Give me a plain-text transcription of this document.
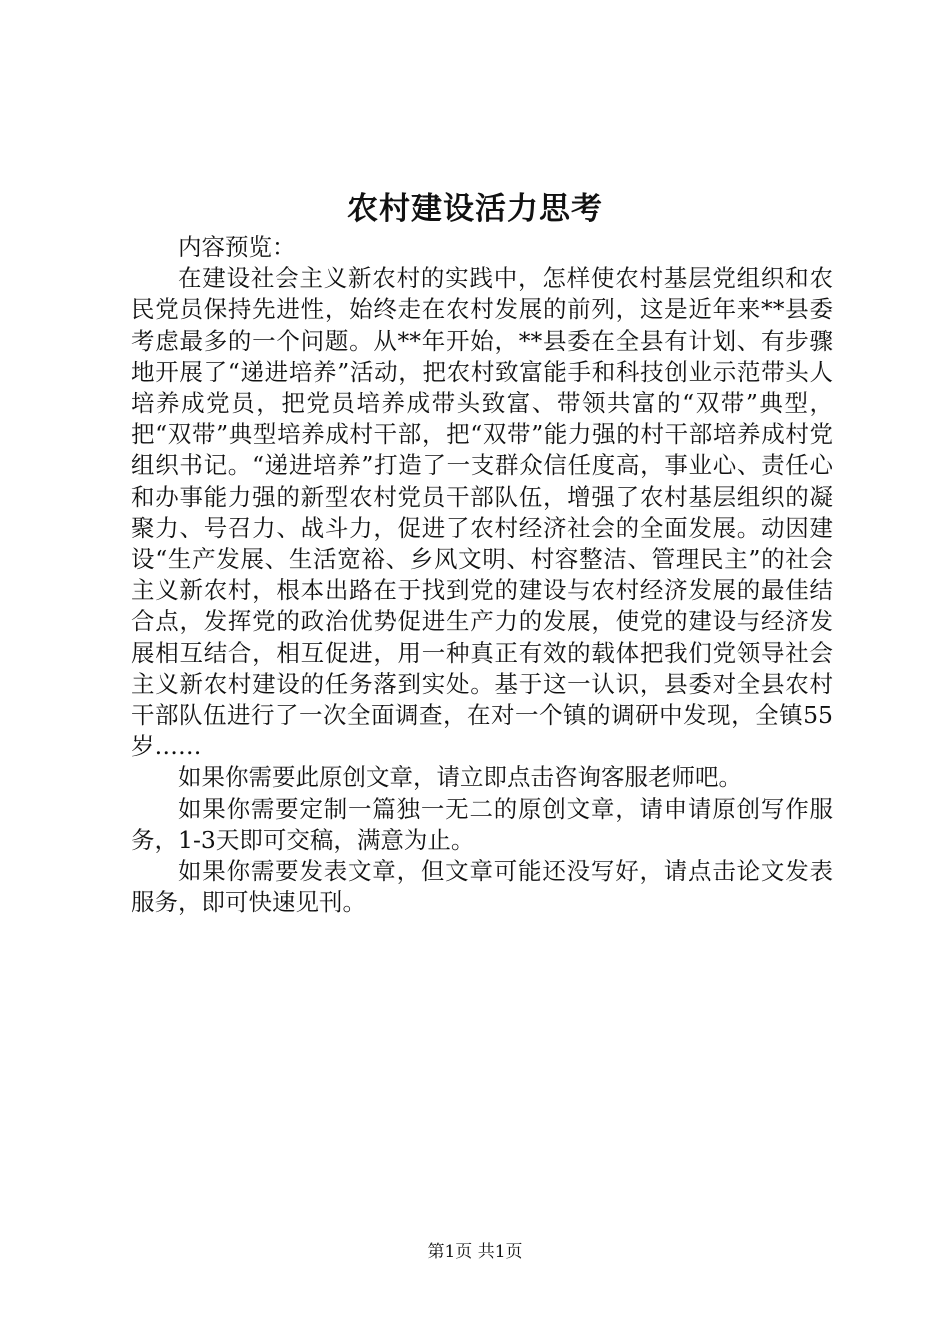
农村建设活力思考

内容预览：

在建设社会主义新农村的实践中，怎样使农村基层党组织和农民党员保持先进性，始终走在农村发展的前列，这是近年来**县委考虑最多的一个问题。从**年开始，**县委在全县有计划、有步骤地开展了“递进培养”活动，把农村致富能手和科技创业示范带头人培养成党员，把党员培养成带头致富、带领共富的“双带”典型，把“双带”典型培养成村干部，把“双带”能力强的村干部培养成村党组织书记。“递进培养”打造了一支群众信任度高，事业心、责任心和办事能力强的新型农村党员干部队伍，增强了农村基层组织的凝聚力、号召力、战斗力，促进了农村经济社会的全面发展。动因建设“生产发展、生活宽裕、乡风文明、村容整洁、管理民主”的社会主义新农村，根本出路在于找到党的建设与农村经济发展的最佳结合点，发挥党的政治优势促进生产力的发展，使党的建设与经济发展相互结合，相互促进，用一种真正有效的载体把我们党领导社会主义新农村建设的任务落到实处。基于这一认识，县委对全县农村干部队伍进行了一次全面调查，在对一个镇的调研中发现，全镇55岁……

如果你需要此原创文章，请立即点击咨询客服老师吧。

如果你需要定制一篇独一无二的原创文章，请申请原创写作服务，1-3天即可交稿，满意为止。

如果你需要发表文章，但文章可能还没写好，请点击论文发表服务，即可快速见刊。

第1页 共1页
